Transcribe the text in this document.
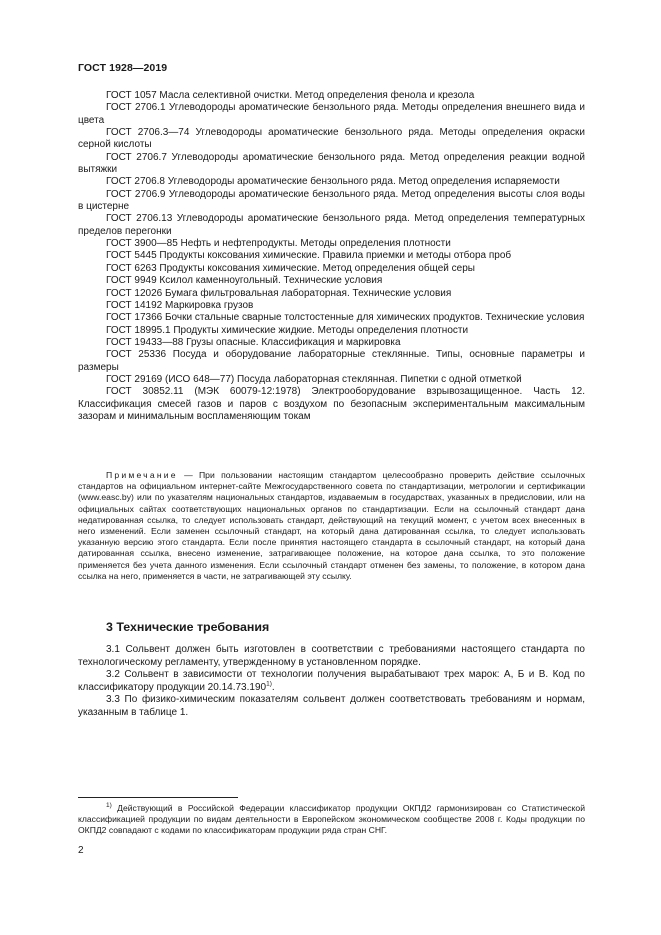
ГОСТ 1928—2019

ГОСТ 1057 Масла селективной очистки. Метод определения фенола и крезола

ГОСТ 2706.1 Углеводороды ароматические бензольного ряда. Методы определения внешнего вида и цвета

ГОСТ 2706.3—74 Углеводороды ароматические бензольного ряда. Методы определения окраски серной кислоты

ГОСТ 2706.7 Углеводороды ароматические бензольного ряда. Метод определения реакции водной вытяжки

ГОСТ 2706.8 Углеводороды ароматические бензольного ряда. Метод определения испаряемости

ГОСТ 2706.9 Углеводороды ароматические бензольного ряда. Метод определения высоты слоя воды в цистерне

ГОСТ 2706.13 Углеводороды ароматические бензольного ряда. Метод определения температурных пределов перегонки

ГОСТ 3900—85 Нефть и нефтепродукты. Методы определения плотности

ГОСТ 5445 Продукты коксования химические. Правила приемки и методы отбора проб

ГОСТ 6263 Продукты коксования химические. Метод определения общей серы

ГОСТ 9949 Ксилол каменноугольный. Технические условия

ГОСТ 12026 Бумага фильтровальная лабораторная. Технические условия

ГОСТ 14192 Маркировка грузов

ГОСТ 17366 Бочки стальные сварные толстостенные для химических продуктов. Технические условия

ГОСТ 18995.1 Продукты химические жидкие. Методы определения плотности

ГОСТ 19433—88 Грузы опасные. Классификация и маркировка

ГОСТ 25336 Посуда и оборудование лабораторные стеклянные. Типы, основные параметры и размеры

ГОСТ 29169 (ИСО 648—77) Посуда лабораторная стеклянная. Пипетки с одной отметкой

ГОСТ 30852.11 (МЭК 60079-12:1978) Электрооборудование взрывозащищенное. Часть 12. Классификация смесей газов и паров с воздухом по безопасным экспериментальным максимальным зазорам и минимальным воспламеняющим токам

Примечание — При пользовании настоящим стандартом целесообразно проверить действие ссылочных стандартов на официальном интернет-сайте Межгосударственного совета по стандартизации, метрологии и сертификации (www.easc.by) или по указателям национальных стандартов, издаваемым в государствах, указанных в предисловии, или на официальных сайтах соответствующих национальных органов по стандартизации. Если на ссылочный стандарт дана недатированная ссылка, то следует использовать стандарт, действующий на текущий момент, с учетом всех внесенных в него изменений. Если заменен ссылочный стандарт, на который дана датированная ссылка, то следует использовать указанную версию этого стандарта. Если после принятия настоящего стандарта в ссылочный стандарт, на который дана датированная ссылка, внесено изменение, затрагивающее положение, на которое дана ссылка, то это положение применяется без учета данного изменения. Если ссылочный стандарт отменен без замены, то положение, в котором дана ссылка на него, применяется в части, не затрагивающей эту ссылку.

3 Технические требования

3.1 Сольвент должен быть изготовлен в соответствии с требованиями настоящего стандарта по технологическому регламенту, утвержденному в установленном порядке.

3.2 Сольвент в зависимости от технологии получения вырабатывают трех марок: А, Б и В. Код по классификатору продукции 20.14.73.190$^{1)}$.

3.3 По физико-химическим показателям сольвент должен соответствовать требованиям и нормам, указанным в таблице 1.

$^{1)}$ Действующий в Российской Федерации классификатор продукции ОКПД2 гармонизирован со Статистической классификацией продукции по видам деятельности в Европейском экономическом сообществе 2008 г. Коды продукции по ОКПД2 совпадают с кодами по классификаторам продукции ряда стран СНГ.

2
